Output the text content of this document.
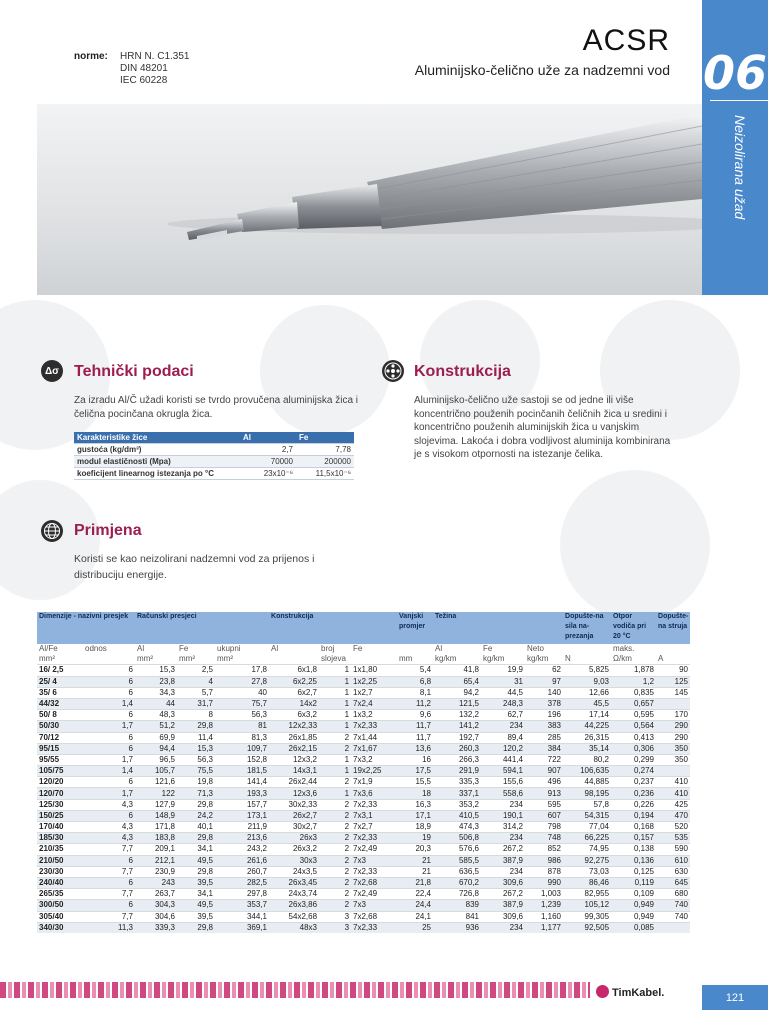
norme: HRN N. C1.351
DIN 48201
IEC 60228
ACSR
Aluminijsko-čelično uže za nadzemni vod 06
Neizolirana užad
Δσ Tehnički podaci
Za izradu Al/Č užadi koristi se tvrdo provučena aluminijska žica i čelična pocinčana okrugla žica.
Karakteristike žice	Al	Fe
gustoća (kg/dm³)	2,7	7,78
modul elastičnosti (Mpa)	70000	200000
koeficijent linearnog istezanja po °C	23x10⁻⁶	11,5x10⁻⁶
Konstrukcija
Aluminijsko-čelično uže sastoji se od jedne ili više koncentrično použenih pocinčanih čeličnih žica u sredini i koncentrično použenih aluminijskih žica u vanjskim slojevima. Lakoća i dobra vodljivost aluminija kombinirana je s visokom otpornosti na istezanje čelika.
Primjena
Koristi se kao neizolirani nadzemni vod za prijenos i distribuciju energije.
Dimenzije - nazivni presjek		Računski presjeci			Konstrukcija			Vanjski promjer	Težina			Dopušte-na sila na-prezanja	Otpor vodiča pri 20 °C	Dopušte-na struja
Al/Fe	odnos	Al	Fe	ukupni	Al	broj	Fe		Al	Fe	Neto		maks.	
mm²		mm²	mm²	mm²		slojeva		mm	kg/km	kg/km	kg/km	N	Ω/km	A
16/ 2,5	6	15,3	2,5	17,8	6x1,8	1	1x1,80	5,4	41,8	19,9	62	5,825	1,878	90
25/ 4	6	23,8	4	27,8	6x2,25	1	1x2,25	6,8	65,4	31	97	9,03	1,2	125
35/ 6	6	34,3	5,7	40	6x2,7	1	1x2,7	8,1	94,2	44,5	140	12,66	0,835	145
44/32	1,4	44	31,7	75,7	14x2	1	7x2,4	11,2	121,5	248,3	378	45,5	0,657	
50/ 8	6	48,3	8	56,3	6x3,2	1	1x3,2	9,6	132,2	62,7	196	17,14	0,595	170
50/30	1,7	51,2	29,8	81	12x2,33	1	7x2,33	11,7	141,2	234	383	44,225	0,564	290
70/12	6	69,9	11,4	81,3	26x1,85	2	7x1,44	11,7	192,7	89,4	285	26,315	0,413	290
95/15	6	94,4	15,3	109,7	26x2,15	2	7x1,67	13,6	260,3	120,2	384	35,14	0,306	350
95/55	1,7	96,5	56,3	152,8	12x3,2	1	7x3,2	16	266,3	441,4	722	80,2	0,299	350
105/75	1,4	105,7	75,5	181,5	14x3,1	1	19x2,25	17,5	291,9	594,1	907	106,635	0,274	
120/20	6	121,6	19,8	141,4	26x2,44	2	7x1,9	15,5	335,3	155,6	496	44,885	0,237	410
120/70	1,7	122	71,3	193,3	12x3,6	1	7x3,6	18	337,1	558,6	913	98,195	0,236	410
125/30	4,3	127,9	29,8	157,7	30x2,33	2	7x2,33	16,3	353,2	234	595	57,8	0,226	425
150/25	6	148,9	24,2	173,1	26x2,7	2	7x3,1	17,1	410,5	190,1	607	54,315	0,194	470
170/40	4,3	171,8	40,1	211,9	30x2,7	2	7x2,7	18,9	474,3	314,2	798	77,04	0,168	520
185/30	4,3	183,8	29,8	213,6	26x3	2	7x2,33	19	506,8	234	748	66,225	0,157	535
210/35	7,7	209,1	34,1	243,2	26x3,2	2	7x2,49	20,3	576,6	267,2	852	74,95	0,138	590
210/50	6	212,1	49,5	261,6	30x3	2	7x3	21	585,5	387,9	986	92,275	0,136	610
230/30	7,7	230,9	29,8	260,7	24x3,5	2	7x2,33	21	636,5	234	878	73,03	0,125	630
240/40	6	243	39,5	282,5	26x3,45	2	7x2,68	21,8	670,2	309,6	990	86,46	0,119	645
265/35	7,7	263,7	34,1	297,8	24x3,74	2	7x2,49	22,4	726,8	267,2	1,003	82,955	0,109	680
300/50	6	304,3	49,5	353,7	26x3,86	2	7x3	24,4	839	387,9	1,239	105,12	0,949	740
305/40	7,7	304,6	39,5	344,1	54x2,68	3	7x2,68	24,1	841	309,6	1,160	99,305	0,949	740
340/30	11,3	339,3	29,8	369,1	48x3	3	7x2,33	25	936	234	1,177	92,505	0,085	
TimKabel.	121
